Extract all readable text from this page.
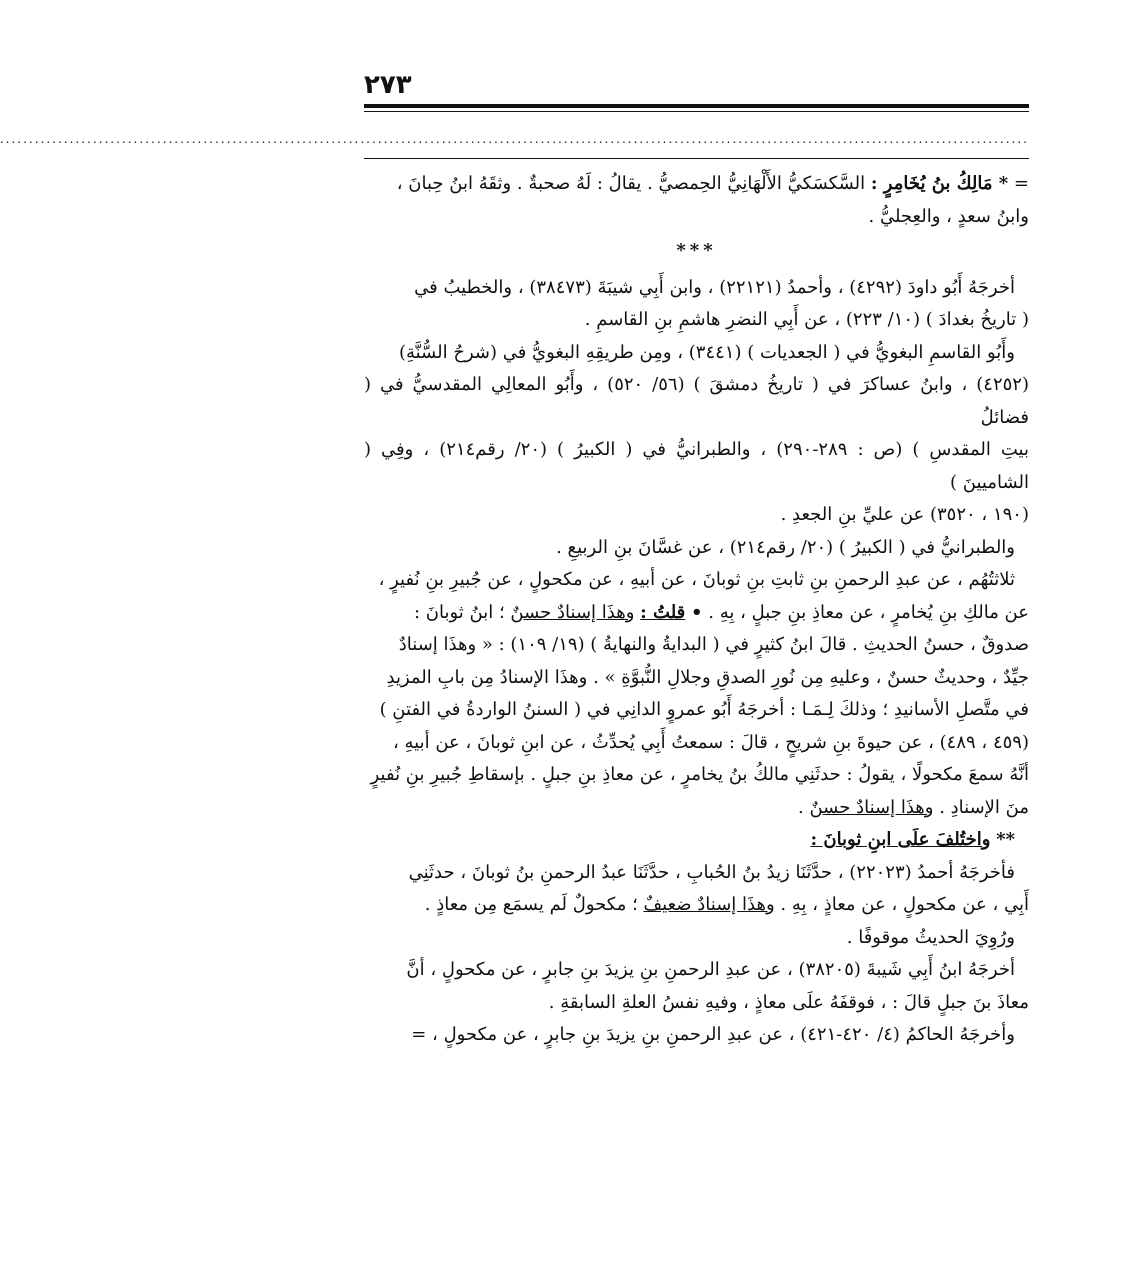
٢٧٣
.................................................................................................................................................................................

= * مَالِكُ بنُ يُخَامِرٍ : السَّكسَكيُّ الأَلْهَانِيُّ الحِمصيُّ . يقالُ : لَهُ صحبةٌ . وثقَهُ ابنُ حِبانَ ،

وابنُ سعدٍ ، والعِجليُّ .

***

أخرجَهُ أَبُو داودَ (٤٢٩٢) ، وأحمدُ (٢٢١٢١) ، وابن أَبِي شيبَةَ (٣٨٤٧٣) ، والخطيبُ في

( تاريخُ بغدادَ ) (١٠/ ٢٢٣) ، عن أَبِي النضرِ هاشمِ بنِ القاسمِ .

وأَبُو القاسمِ البغويُّ في ( الجعديات ) (٣٤٤١) ، ومِن طريقِهِ البغويُّ في (شرحُ السُّنَّةِ)

(٤٢٥٢) ، وابنُ عساكرَ في ( تاريخُ دمشقَ ) (٥٦/ ٥٢٠) ، وأَبُو المعالِي المقدسيُّ في ( فضائلُ

بيتِ المقدسِ ) (ص : ٢٨٩-٢٩٠) ، والطبرانيُّ في ( الكبيرُ ) (٢٠/ رقم٢١٤) ، وفِي ( الشاميينَ )

(١٩٠ ، ٣٥٢٠) عن عليِّ بنِ الجعدِ .

والطبرانيُّ في ( الكبيرُ ) (٢٠/ رقم٢١٤) ، عن غسَّانَ بنِ الربيعِ .

ثلاثتُهُم ، عن عبدِ الرحمنِ بنِ ثابتِ بنِ ثوبانَ ، عن أبيهِ ، عن مكحولٍ ، عن جُبيرِ بنِ نُفيرٍ ،

عن مالكِ بنِ يُخامرٍ ، عن معاذِ بنِ جبلٍ ، بِهِ . • قلتُ : وهذَا إسنادٌ حسنٌ ؛ ابنُ ثوبانَ :

صدوقٌ ، حسنُ الحديثِ . قالَ ابنُ كثيرٍ في ( البدايةُ والنهايةُ ) (١٩/ ١٠٩) : « وهذَا إسنادٌ

جيِّدٌ ، وحديثٌ حسنٌ ، وعليهِ مِن نُورِ الصدقِ وجلالِ النُّبوَّةِ » . وهذَا الإسنادُ مِن بابِ المزيدِ

في متَّصلِ الأسانيدِ ؛ وذلكَ لِـمَـا : أخرجَهُ أَبُو عمروٍ الدانِي في ( السننُ الواردةُ في الفتنِ )

(٤٥٩ ، ٤٨٩) ، عن حيوةَ بنِ شريحٍ ، قالَ : سمعتُ أَبِي يُحدِّثُ ، عن ابنِ ثوبانَ ، عن أبيهِ ،

أنَّهُ سمعَ مكحولًا ، يقولُ : حدثَنِي مالكُ بنُ يخامرٍ ، عن معاذِ بنِ جبلٍ . بإسقاطِ جُبيرِ بنِ نُفيرٍ

منَ الإسنادِ . وهذَا إسنادٌ حسنٌ .

** واختُلفَ علَى ابنِ ثوبانَ :

فأخرجَهُ أحمدُ (٢٢٠٢٣) ، حدَّثَنَا زيدُ بنُ الحُبابِ ، حدَّثَنَا عبدُ الرحمنِ بنُ ثوبانَ ، حدثَنِي

أَبِي ، عن مكحولٍ ، عن معاذٍ ، بِهِ . وهذَا إسنادٌ ضعيفٌ ؛ مكحولٌ لَم يسمَع مِن معاذٍ .

ورُوِيَ الحديثُ موقوفًا .

أخرجَهُ ابنُ أَبِي شَيبةَ (٣٨٢٠٥) ، عن عبدِ الرحمنِ بنِ يزيدَ بنِ جابرٍ ، عن مكحولٍ ، أنَّ

معاذَ بنَ جبلٍ قالَ : ، فوقفَهُ علَى معاذٍ ، وفيهِ نفسُ العلةِ السابقةِ .

وأخرجَهُ الحاكمُ (٤/ ٤٢٠-٤٢١) ، عن عبدِ الرحمنِ بنِ يزيدَ بنِ جابرٍ ، عن مكحولٍ ، =
